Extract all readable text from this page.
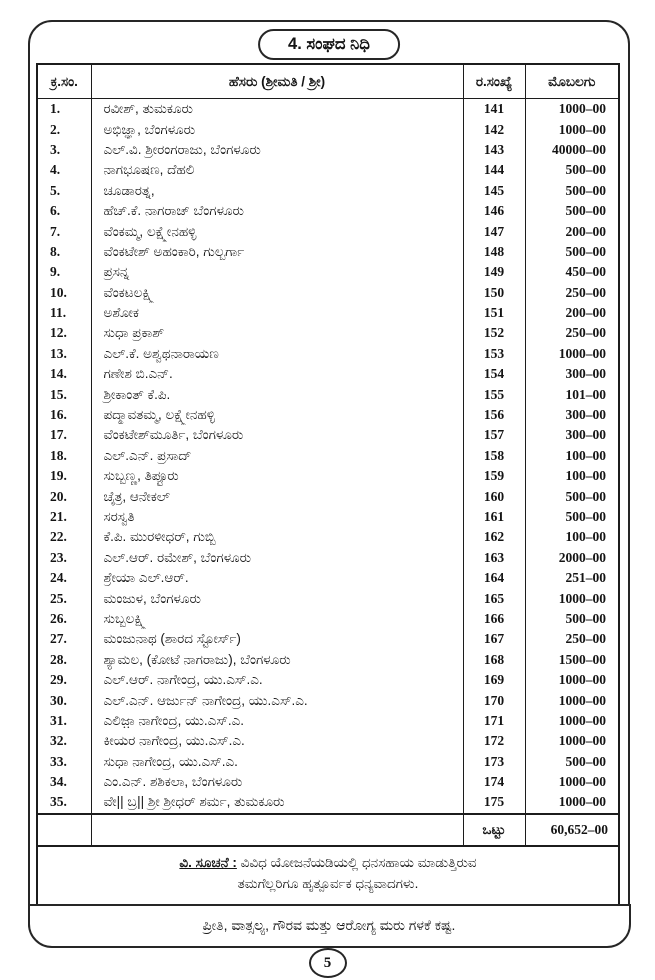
4. ಸಂಘದ ನಿಧಿ
ಕ್ರ.ಸಂ.	ಹೆಸರು (ಶ್ರೀಮತಿ / ಶ್ರೀ)	ರ.ಸಂಖ್ಯೆ	ಮೊಬಲಗು
1.	ರವೀಶ್, ತುಮಕೂರು	141	1000–00
2.	ಅಭಿಜ್ಞಾ, ಬೆಂಗಳೂರು	142	1000–00
3.	ಎಲ್.ವಿ. ಶ್ರೀರಂಗರಾಜು, ಬೆಂಗಳೂರು	143	40000–00
4.	ನಾಗಭೂಷಣ, ದೆಹಲಿ	144	500–00
5.	ಚೂಡಾರತ್ನ,	145	500–00
6.	ಹೆಚ್.ಕೆ. ನಾಗರಾಜ್ ಬೆಂಗಳೂರು	146	500–00
7.	ವೆಂಕಮ್ಮ, ಲಕ್ಷ್ಮೇನಹಳ್ಳಿ	147	200–00
8.	ವೆಂಕಟೇಶ್ ಅಹಂಕಾರಿ, ಗುಲ್ಬರ್ಗಾ	148	500–00
9.	ಪ್ರಸನ್ನ	149	450–00
10.	ವೆಂಕಟಲಕ್ಷ್ಮಿ	150	250–00
11.	ಅಶೋಕ	151	200–00
12.	ಸುಧಾ ಪ್ರಕಾಶ್	152	250–00
13.	ಎಲ್.ಕೆ. ಅಶ್ವಥನಾರಾಯಣ	153	1000–00
14.	ಗಣೇಶ ಬಿ.ಎನ್.	154	300–00
15.	ಶ್ರೀಕಾಂತ್ ಕೆ.ಪಿ.	155	101–00
16.	ಪದ್ಮಾವತಮ್ಮ, ಲಕ್ಷ್ಮೇನಹಳ್ಳಿ	156	300–00
17.	ವೆಂಕಟೇಶ್‌ಮೂರ್ತಿ, ಬೆಂಗಳೂರು	157	300–00
18.	ಎಲ್.ಎನ್. ಪ್ರಸಾದ್	158	100–00
19.	ಸುಬ್ಬಣ್ಣ, ತಿಪ್ಟೂರು	159	100–00
20.	ಚೈತ್ರ, ಆನೇಕಲ್	160	500–00
21.	ಸರಸ್ವತಿ	161	500–00
22.	ಕೆ.ಪಿ. ಮುರಳೀಧರ್, ಗುಬ್ಬಿ	162	100–00
23.	ಎಲ್.ಆರ್. ರಮೇಶ್, ಬೆಂಗಳೂರು	163	2000–00
24.	ಶ್ರೇಯಾ ಎಲ್.ಆರ್.	164	251–00
25.	ಮಂಜುಳ, ಬೆಂಗಳೂರು	165	1000–00
26.	ಸುಬ್ಬಲಕ್ಷ್ಮಿ	166	500–00
27.	ಮಂಜುನಾಥ (ಶಾರದ ಸ್ಟೋರ್ಸ್)	167	250–00
28.	ಶ್ಯಾಮಲ, (ಕೋಟೆ ನಾಗರಾಜು), ಬೆಂಗಳೂರು	168	1500–00
29.	ಎಲ್.ಆರ್. ನಾಗೇಂದ್ರ, ಯು.ಎಸ್.ಎ.	169	1000–00
30.	ಎಲ್.ಎನ್. ಆರ್ಜುನ್ ನಾಗೇಂದ್ರ, ಯು.ಎಸ್.ಎ.	170	1000–00
31.	ಎಲಿಜ಼ಾ ನಾಗೇಂದ್ರ, ಯು.ಎಸ್.ಎ.	171	1000–00
32.	ಕೀಯರ ನಾಗೇಂದ್ರ, ಯು.ಎಸ್.ಎ.	172	1000–00
33.	ಸುಧಾ ನಾಗೇಂದ್ರ, ಯು.ಎಸ್.ಎ.	173	500–00
34.	ಎಂ.ಎನ್. ಶಶಿಕಲಾ, ಬೆಂಗಳೂರು	174	1000–00
35.	ವೇ|| ಬ್ರ|| ಶ್ರೀ ಶ್ರೀಧರ್ ಶರ್ಮ, ತುಮಕೂರು	175	1000–00
		ಒಟ್ಟು	60,652–00

ವಿ. ಸೂಚನೆ : ವಿವಿಧ ಯೋಜನೆಯಡಿಯಲ್ಲಿ ಧನಸಹಾಯ ಮಾಡುತ್ತಿರುವ
ತಮಗೆಲ್ಲರಿಗೂ ಹೃತ್ಪೂರ್ವಕ ಧನ್ಯವಾದಗಳು.			
ಪ್ರೀತಿ, ವಾತ್ಸಲ್ಯ, ಗೌರವ ಮತ್ತು ಆರೋಗ್ಯ ಮರು ಗಳಕೆ ಕಷ್ಟ.
5
